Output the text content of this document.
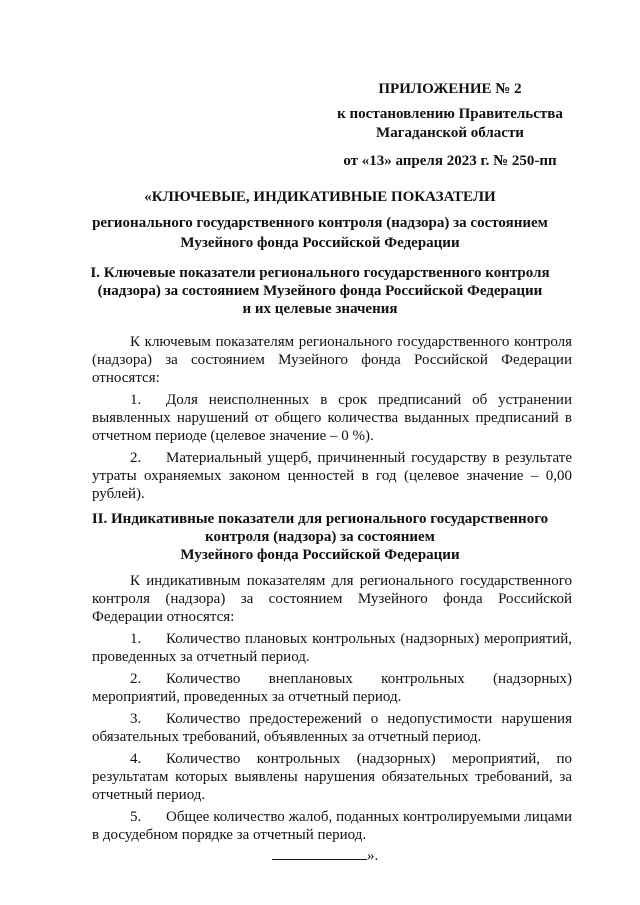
ПРИЛОЖЕНИЕ № 2
к постановлению Правительства
Магаданской области
от «13» апреля 2023 г. № 250-пп
«КЛЮЧЕВЫЕ, ИНДИКАТИВНЫЕ ПОКАЗАТЕЛИ
регионального государственного контроля (надзора) за состоянием
Музейного фонда Российской Федерации
I. Ключевые показатели регионального государственного контроля
(надзора) за состоянием Музейного фонда Российской Федерации
и их целевые значения

К ключевым показателям регионального государственного контроля (надзора) за состоянием Музейного фонда Российской Федерации относятся:

1. Доля неисполненных в срок предписаний об устранении выявленных нарушений от общего количества выданных предписаний в отчетном периоде (целевое значение – 0 %).

2. Материальный ущерб, причиненный государству в результате утраты охраняемых законом ценностей в год (целевое значение – 0,00 рублей).

II. Индикативные показатели для регионального государственного
контроля (надзора) за состоянием
Музейного фонда Российской Федерации

К индикативным показателям для регионального государственного контроля (надзора) за состоянием Музейного фонда Российской Федерации относятся:

1. Количество плановых контрольных (надзорных) мероприятий, проведенных за отчетный период.

2. Количество внеплановых контрольных (надзорных) мероприятий, проведенных за отчетный период.

3. Количество предостережений о недопустимости нарушения обязательных требований, объявленных за отчетный период.

4. Количество контрольных (надзорных) мероприятий, по результатам которых выявлены нарушения обязательных требований, за отчетный период.

5. Общее количество жалоб, поданных контролируемыми лицами в досудебном порядке за отчетный период.

».
